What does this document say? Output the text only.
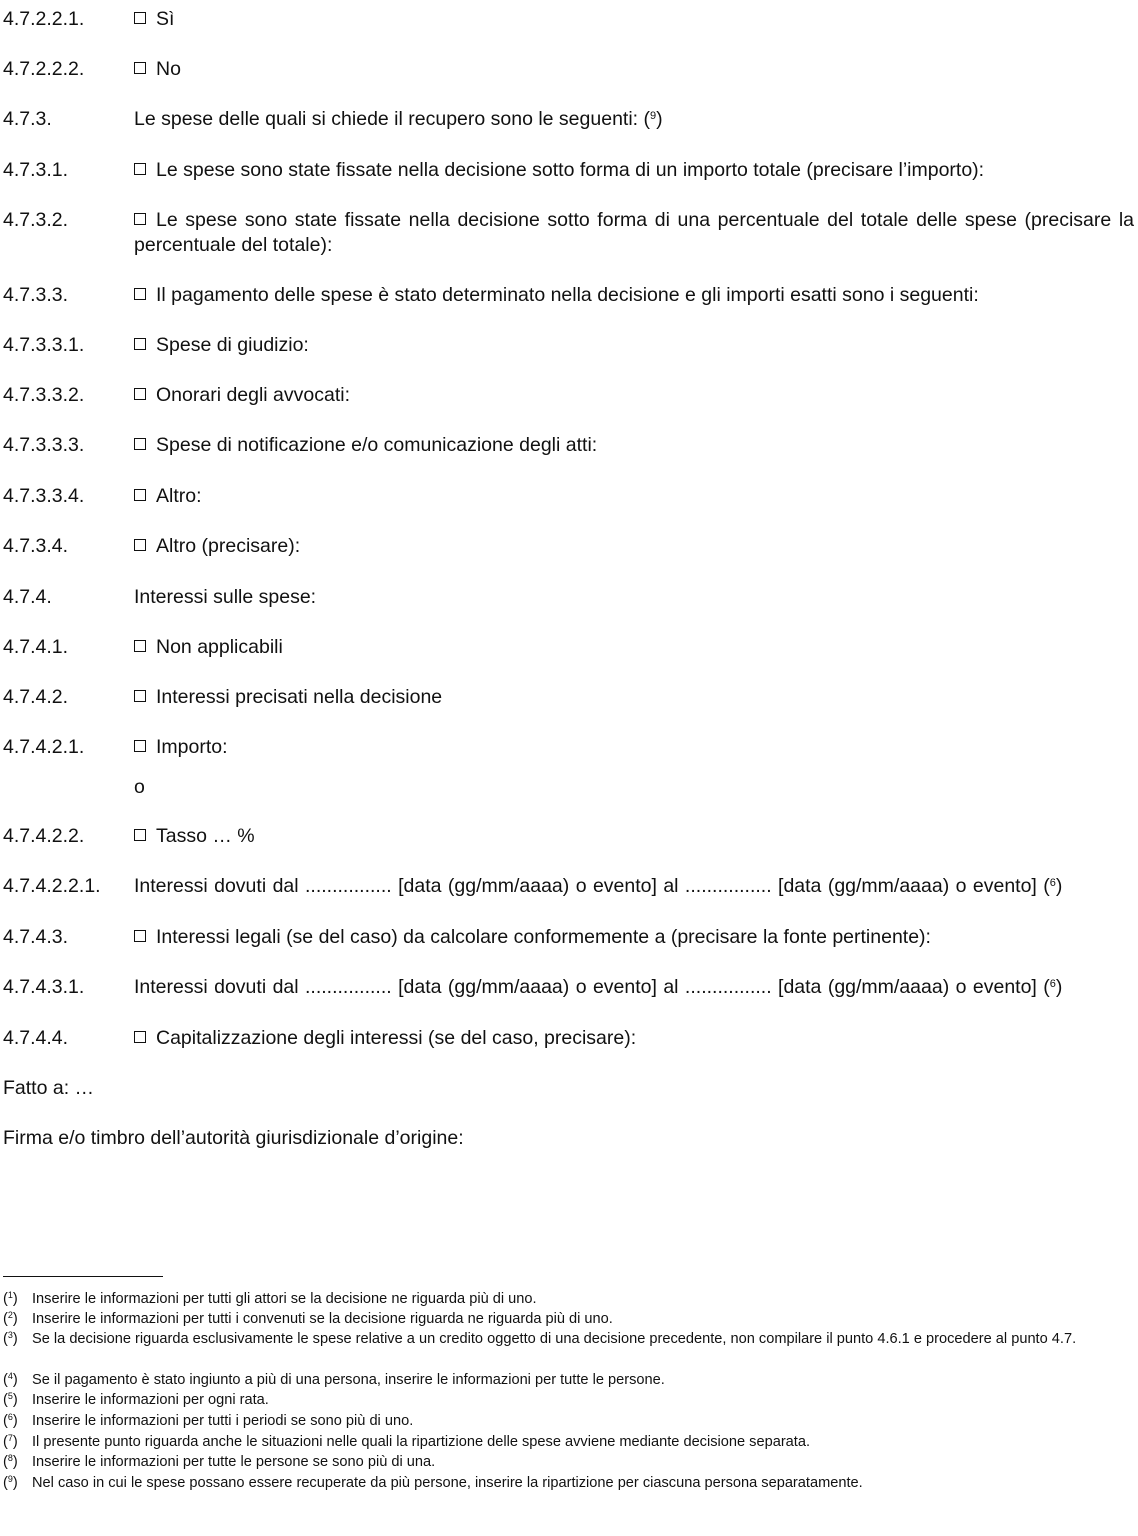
4.7.2.2.1.	Sì
4.7.2.2.2.	No
4.7.3.	Le spese delle quali si chiede il recupero sono le seguenti: ($^9$)
4.7.3.1.	Le spese sono state fissate nella decisione sotto forma di un importo totale (precisare l’importo):
4.7.3.2.	Le spese sono state fissate nella decisione sotto forma di una percentuale del totale delle spese (precisare la percentuale del totale):
4.7.3.3.	Il pagamento delle spese è stato determinato nella decisione e gli importi esatti sono i seguenti:
4.7.3.3.1.	Spese di giudizio:
4.7.3.3.2.	Onorari degli avvocati:
4.7.3.3.3.	Spese di notificazione e/o comunicazione degli atti:
4.7.3.3.4.	Altro:
4.7.3.4.	Altro (precisare):
4.7.4.	Interessi sulle spese:
4.7.4.1.	Non applicabili
4.7.4.2.	Interessi precisati nella decisione
4.7.4.2.1.	Importo:
o
4.7.4.2.2.	Tasso … %
4.7.4.2.2.1. Interessi dovuti dal ................ [data (gg/mm/aaaa) o evento] al ................ [data (gg/mm/aaaa) o evento] ($^6$)
4.7.4.3.	Interessi legali (se del caso) da calcolare conformemente a (precisare la fonte pertinente):
4.7.4.3.1.	Interessi dovuti dal ................ [data (gg/mm/aaaa) o evento] al ................ [data (gg/mm/aaaa) o evento] ($^6$)
4.7.4.4.	Capitalizzazione degli interessi (se del caso, precisare):
Fatto a: …
Firma e/o timbro dell’autorità giurisdizionale d’origine:
($^1$) Inserire le informazioni per tutti gli attori se la decisione ne riguarda più di uno.
($^2$) Inserire le informazioni per tutti i convenuti se la decisione riguarda ne riguarda più di uno.
($^3$) Se la decisione riguarda esclusivamente le spese relative a un credito oggetto di una decisione precedente, non compilare il punto 4.6.1 e procedere al punto 4.7.
($^4$) Se il pagamento è stato ingiunto a più di una persona, inserire le informazioni per tutte le persone.
($^5$) Inserire le informazioni per ogni rata.
($^6$) Inserire le informazioni per tutti i periodi se sono più di uno.
($^7$) Il presente punto riguarda anche le situazioni nelle quali la ripartizione delle spese avviene mediante decisione separata.
($^8$) Inserire le informazioni per tutte le persone se sono più di una.
($^9$) Nel caso in cui le spese possano essere recuperate da più persone, inserire la ripartizione per ciascuna persona separatamente.
